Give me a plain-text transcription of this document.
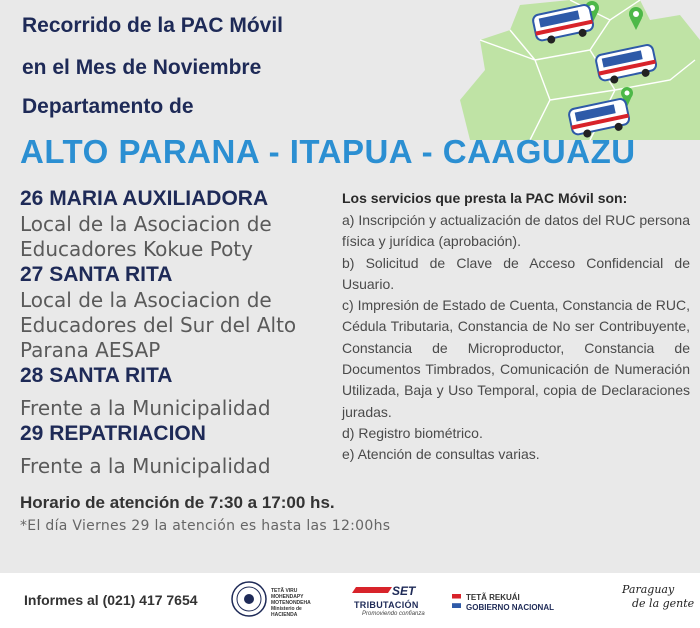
Recorrido de la PAC Móvil
en el Mes de Noviembre
Departamento de
ALTO PARANA - ITAPUA - CAAGUAZU
26 MARIA AUXILIADORA
Local de la Asociacion de Educadores Kokue Poty
27 SANTA RITA
Local de la Asociacion de Educadores del Sur del Alto Parana AESAP
28 SANTA RITA
Frente a la Municipalidad
29 REPATRIACION
Frente a la Municipalidad
Los servicios que presta la PAC Móvil son:
a) Inscripción y actualización de datos del RUC persona física y jurídica (aprobación).
b) Solicitud de Clave de Acceso Confidencial de Usuario.
c) Impresión de Estado de Cuenta, Constancia de RUC, Cédula Tributaria, Constancia de No ser Contribuyente, Constancia de Microproductor, Constancia de Documentos Timbrados, Comunicación de Numeración Utilizada, Baja y Uso Temporal, copia de Declaraciones juradas.
d) Registro biométrico.
e) Atención de consultas varias.
Horario de atención de 7:30 a 17:00 hs.
*El día Viernes 29 la atención es hasta las 12:00hs
Informes al (021) 417 7654
TETÃ VIRU
MOHENDAPY
MOTENONDEHA
Ministerio de
HACIENDA
SET
TRIBUTACIÓN
Promoviendo confianza
TETÃ REKUÁI
GOBIERNO NACIONAL
Paraguay
de la gente
